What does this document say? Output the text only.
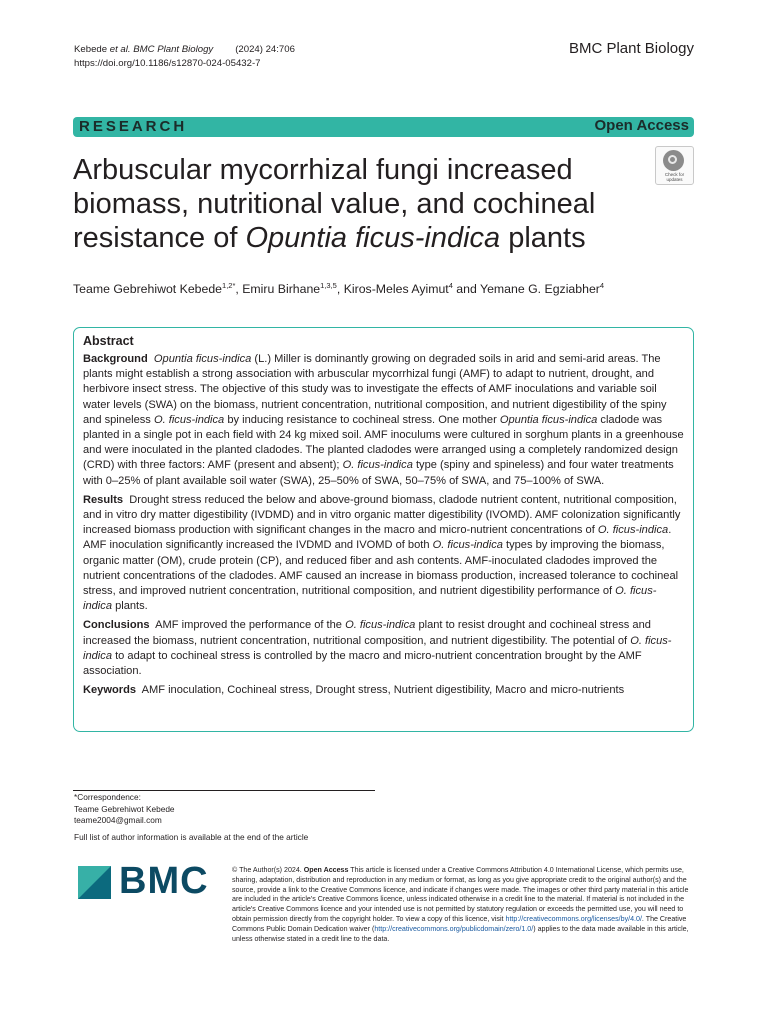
Kebede et al. BMC Plant Biology (2024) 24:706
https://doi.org/10.1186/s12870-024-05432-7
BMC Plant Biology
RESEARCH	Open Access
Arbuscular mycorrhizal fungi increased biomass, nutritional value, and cochineal resistance of Opuntia ficus-indica plants
Check for
updates
Teame Gebrehiwot Kebede$^{1,2*}$, Emiru Birhane$^{1,3,5}$, Kiros-Meles Ayimut$^4$ and Yemane G. Egziabher$^4$
Abstract

Background Opuntia ficus-indica (L.) Miller is dominantly growing on degraded soils in arid and semi-arid areas. The plants might establish a strong association with arbuscular mycorrhizal fungi (AMF) to adapt to nutrient, drought, and herbivore insect stress. The objective of this study was to investigate the effects of AMF inoculations and variable soil water levels (SWA) on the biomass, nutrient concentration, nutritional composition, and nutrient digestibility of the spiny and spineless O. ficus-indica by inducing resistance to cochineal stress. One mother Opuntia ficus-indica cladode was planted in a single pot in each field with 24 kg mixed soil. AMF inoculums were cultured in sorghum plants in a greenhouse and were inoculated in the planted cladodes. The planted cladodes were arranged using a completely randomized design (CRD) with three factors: AMF (present and absent); O. ficus-indica type (spiny and spineless) and four water treatments with 0–25% of plant available soil water (SWA), 25–50% of SWA, 50–75% of SWA, and 75–100% of SWA.

Results Drought stress reduced the below and above-ground biomass, cladode nutrient content, nutritional composition, and in vitro dry matter digestibility (IVDMD) and in vitro organic matter digestibility (IVOMD). AMF colonization significantly increased biomass production with significant changes in the macro and micro-nutrient concentrations of O. ficus-indica. AMF inoculation significantly increased the IVDMD and IVOMD of both O. ficus-indica types by improving the biomass, organic matter (OM), crude protein (CP), and reduced fiber and ash contents. AMF-inoculated cladodes improved the nutrient concentrations of the cladodes. AMF caused an increase in biomass production, increased tolerance to cochineal stress, and improved nutrient concentration, nutritional composition, and nutrient digestibility performance of O. ficus-indica plants.

Conclusions AMF improved the performance of the O. ficus-indica plant to resist drought and cochineal stress and increased the biomass, nutrient concentration, nutritional composition, and nutrient digestibility. The potential of O. ficus-indica to adapt to cochineal stress is controlled by the macro and micro-nutrient concentration brought by the AMF association.

Keywords AMF inoculation, Cochineal stress, Drought stress, Nutrient digestibility, Macro and micro-nutrients

*Correspondence:
Teame Gebrehiwot Kebede
teame2004@gmail.com
Full list of author information is available at the end of the article
BMC	© The Author(s) 2024. Open Access This article is licensed under a Creative Commons Attribution 4.0 International License, which permits use, sharing, adaptation, distribution and reproduction in any medium or format, as long as you give appropriate credit to the original author(s) and the source, provide a link to the Creative Commons licence, and indicate if changes were made. The images or other third party material in this article are included in the article's Creative Commons licence, unless indicated otherwise in a credit line to the material. If material is not included in the article's Creative Commons licence and your intended use is not permitted by statutory regulation or exceeds the permitted use, you will need to obtain permission directly from the copyright holder. To view a copy of this licence, visit http://creativecommons.org/licenses/by/4.0/. The Creative Commons Public Domain Dedication waiver (http://creativecommons.org/publicdomain/zero/1.0/) applies to the data made available in this article, unless otherwise stated in a credit line to the data.
